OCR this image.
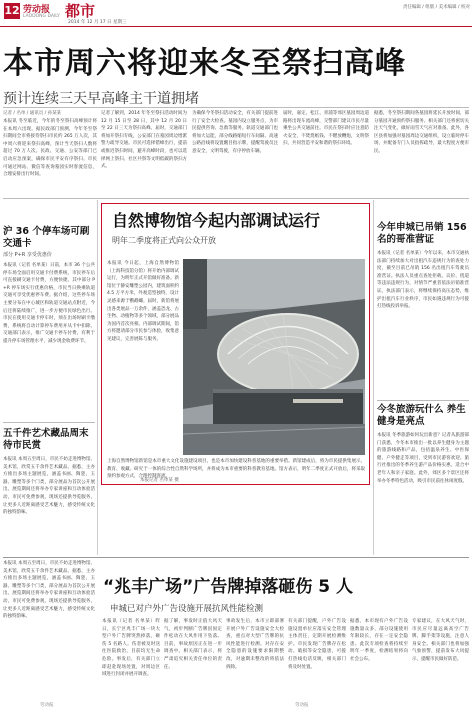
12 劳动报 都市
LAODONG DAILY
2014 年 12 月 17 日 星期三
责任编辑 / 组版 / 美术编辑 / 校对
本市周六将迎来冬至祭扫高峰
预计连续三天早高峰主干道拥堵
记者 / 名单 / 通讯员 / 孙某某
本报讯 冬至临近，今年的冬至祭扫高峰预计将在本周六出现。据民政部门预测，今年冬至祭扫期间全市将接待祭扫市民约 265 万人次，其中周六将迎来祭扫高峰，预计当天祭扫人数将超过 70 万人次。民政、交通、公安等部门已启动应急预案，确保市民平安有序祭扫。市民可通过网站、微信等查询墓园实时客流信息，合理安排出行时间。
记者了解到，2014 年冬至祭扫活动时间为 12 月 15 日至 28 日，其中 12 月 20 日至 22 日三天为祭扫高峰。届时，交通部门将加开祭扫专线，公安部门在墓园周边增派警力疏导交通。市民可选择错峰出行，提前或推迟祭扫时间，避开高峰时段，也可以选择网上祭扫、社区共祭等文明低碳的祭扫方式。
为确保今冬祭扫活动安全，有关部门提前进行了安全大检查。墓园内设立服务点，为市民提供咨询、急救等服务。轨道交通部门也将加大运能，部分线路缩短行车间隔。高速公路沿线将设置醒目指示牌，提醒驾驶员注意安全，文明驾驶，有序停放车辆。
届时，嘉定、松江、青浦等郊区墓园周边道路将出现车流高峰，交警部门建议市民尽量乘坐公共交通前往。市民在祭扫时应注意防火安全，不焚烧纸钱、不燃放鞭炮，文明祭扫，共同营造平安和谐的祭扫环境。
据悉，冬至祭扫期间各墓园将延长开放时间，部分墓园开通预约祭扫服务。相关部门还将密切关注天气变化，做好雨雪天气应对准备。此外，各区县将加强对墓园周边交通组织，设立临时停车场，并配备专门人员指挥疏导，最大程度方便市民。
沪 36 个停车场可刷交通卡
部分 P+R 享受优惠价
本报讯（记者 名单某）日前，本市 36 个公共停车场全面启用交通卡付费系统，市民停车后可直接刷交通卡付费，方便快捷。其中部分 P+R 停车场实行优惠价格，市民当日换乘轨道交通可享受优惠停车费。据介绍，这些停车场主要分布在中心城区和轨道交通站点附近，今后还将陆续推广，进一步方便市民绿色出行。市民在使用交通卡停车时，须在出场时刷卡缴费，系统将自动计算停车费用并从卡中扣除。交通部门表示，推广交通卡停车付费，有利于提升停车场管理水平，减少现金收费环节。
五千件艺术藏品周末待市民赏
本报讯 本周五至周日，市民不妨走进博物馆、美术馆，欣赏五千余件艺术藏品。据悉，主办方推出多场主题展览，涵盖书画、陶瓷、玉器、雕塑等多个门类，部分展品为首次公开展出。展览期间还将举办专家讲座和互动体验活动，市民可免费参观，现场还提供导览服务，让更多人近距离感受艺术魅力，感受传统文化的独特韵味。
自然博物馆今起内部调试运行
明年二季度将正式向公众开放
本报讯 今日起，上海自然博物馆（上海科技馆分馆）将开始内部调试运行，为明年正式开馆做好准备。新馆位于静安雕塑公园内，建筑面积约 4.5 万平方米，外观造型独特，设计灵感来源于鹦鹉螺。届时，新馆将展出各类展品一万余件，涵盖恐龙、古生物、动植物等多个领域，部分展品为国内首次亮相。内部调试期间，馆方将邀请部分市民参与体验，收集意见建议，完善展陈与服务。
上海自然博物馆新馆是本市重大文化设施建设项目，也是本市加快建设科普基地的重要举措。新馆建成后，将为市民提供集展示、教育、收藏、研究于一体的综合性自然科学场所，并将成为本市重要的科普教育基地。馆方表示，明年二季度正式开放后，将采取预约参观方式，合理控制客流。
本报记者 名单某 摄
今年申城已吊销 156 名的哥准营证
本报讯（记者 名单某）今年以来，本市交通执法部门持续加大对出租汽车违规行为的查处力度，截至目前已吊销 156 名出租汽车驾驶员准营证。执法人员重点查处拒载、议价、绕道等违法违规行为，对情节严重者依法吊销准营证。执法部门表示，将继续保持高压态势，维护出租汽车行业秩序，市民如遇违规行为可拨打热线投诉举报。
今冬旅游玩什么 养生健身是亮点
本报讯 冬季旅游如何玩出新意？记者从旅游部门获悉，今冬本市推出一批以养生健身为主题的旅游线路和产品，包括温泉养生、中医保健、户外健走等项目，受到市民游客欢迎。旅行社推出的冬季养生游产品价格实惠，适合中老年人和亲子家庭。此外，郊区多个景区还将举办冬季特色活动，吸引市民前往休闲度假。
“兆丰广场”广告牌掉落砸伤 5 人
申城已对户外广告设施开展抗风性能检测
本报讯（记者 名单某）昨日，长宁区兆丰广场一块大型户外广告牌突然掉落，砸伤 5 名路人。伤者被及时送往医院救治，目前均无生命危险。事发后，有关部门立即赶赴现场处置，对周边区域进行封闭并展开调查。
据了解，事发时正值大风天气，初步判断广告牌因固定件松动在大风作用下坠落。目前，事故原因正在进一步调查中。相关部门表示，将严肃追究相关责任单位的责任。
事故发生后，本市立即部署开展户外广告设施安全大检查，重点对大型广告牌的抗风性能进行检测。对存在安全隐患的设施要求限期整改，对逾期未整改的将依法拆除。
有关部门提醒，户外广告设施设置单位应落实安全管理主体责任，定期开展检测维护。市民发现广告牌存在松动、破损等安全隐患，可拨打热线电话反映，相关部门将及时处置。
据悉，本市现有户外广告设施数量众多，部分设施使用年限较长，存在一定安全隐患。此次专项检查将持续至明年一季度，检测结果将向社会公布。
专家建议，在大风天气时，市民应尽量远离高空广告牌、脚手架等设施，注意人身安全。相关部门也将加强气象预警，提前发布大风提示，提醒市民做好防范。
本报讯 本周五至周日，市民不妨走进博物馆、美术馆，欣赏五千余件艺术藏品。据悉，主办方推出多场主题展览，涵盖书画、陶瓷、玉器、雕塑等多个门类，部分展品为首次公开展出。展览期间还将举办专家讲座和互动体验活动，市民可免费参观，现场还提供导览服务，让更多人近距离感受艺术魅力，感受传统文化的独特韵味。
劳动报	劳动报
